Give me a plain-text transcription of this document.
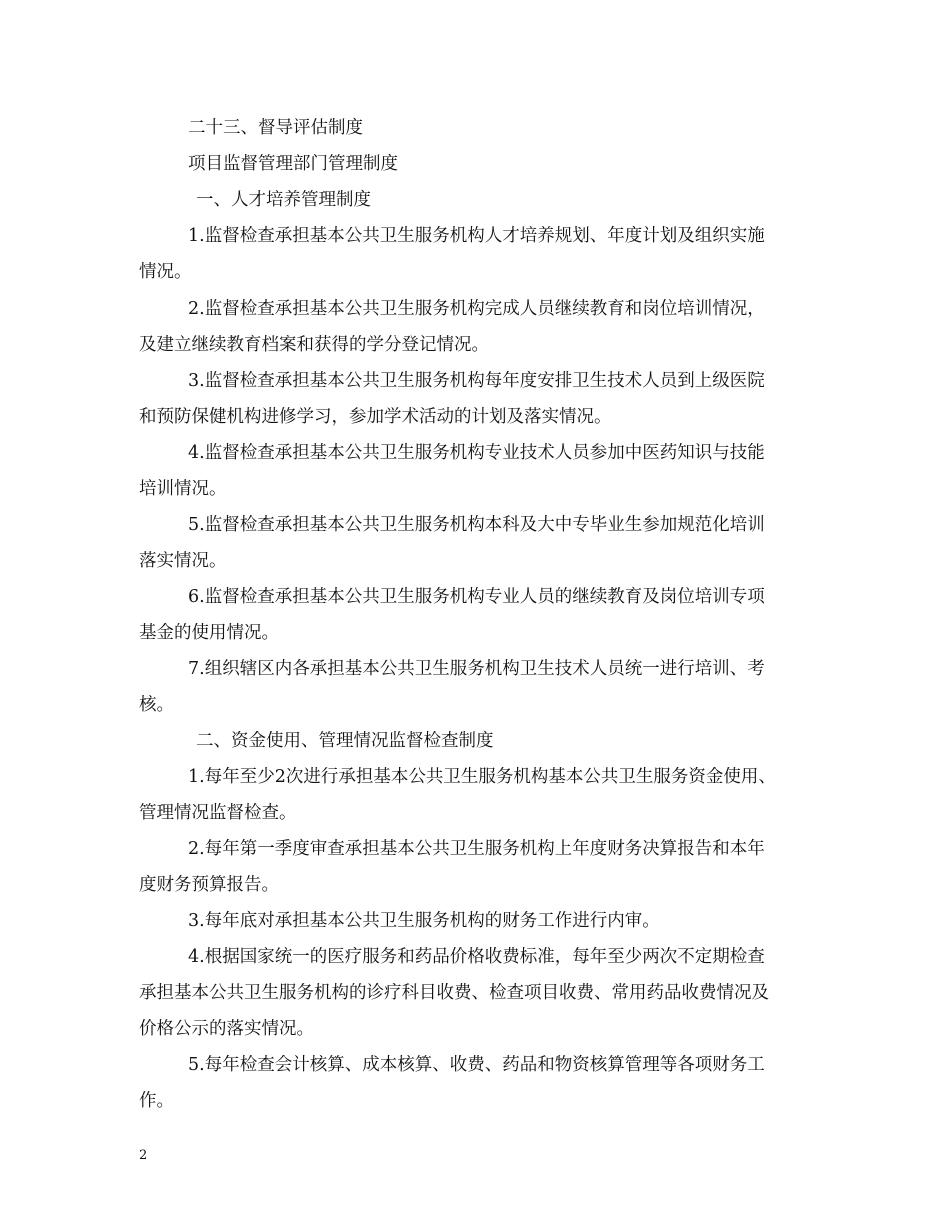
二十三、督导评估制度
项目监督管理部门管理制度
一、人才培养管理制度
1.监督检查承担基本公共卫生服务机构人才培养规划、年度计划及组织实施
情况。
2.监督检查承担基本公共卫生服务机构完成人员继续教育和岗位培训情况，
及建立继续教育档案和获得的学分登记情况。
3.监督检查承担基本公共卫生服务机构每年度安排卫生技术人员到上级医院
和预防保健机构进修学习，参加学术活动的计划及落实情况。
4.监督检查承担基本公共卫生服务机构专业技术人员参加中医药知识与技能
培训情况。
5.监督检查承担基本公共卫生服务机构本科及大中专毕业生参加规范化培训
落实情况。
6.监督检查承担基本公共卫生服务机构专业人员的继续教育及岗位培训专项
基金的使用情况。
7.组织辖区内各承担基本公共卫生服务机构卫生技术人员统一进行培训、考
核。
二、资金使用、管理情况监督检查制度
1.每年至少2次进行承担基本公共卫生服务机构基本公共卫生服务资金使用、
管理情况监督检查。
2.每年第一季度审查承担基本公共卫生服务机构上年度财务决算报告和本年
度财务预算报告。
3.每年底对承担基本公共卫生服务机构的财务工作进行内审。
4.根据国家统一的医疗服务和药品价格收费标准，每年至少两次不定期检查
承担基本公共卫生服务机构的诊疗科目收费、检查项目收费、常用药品收费情况及
价格公示的落实情况。
5.每年检查会计核算、成本核算、收费、药品和物资核算管理等各项财务工
作。
2
